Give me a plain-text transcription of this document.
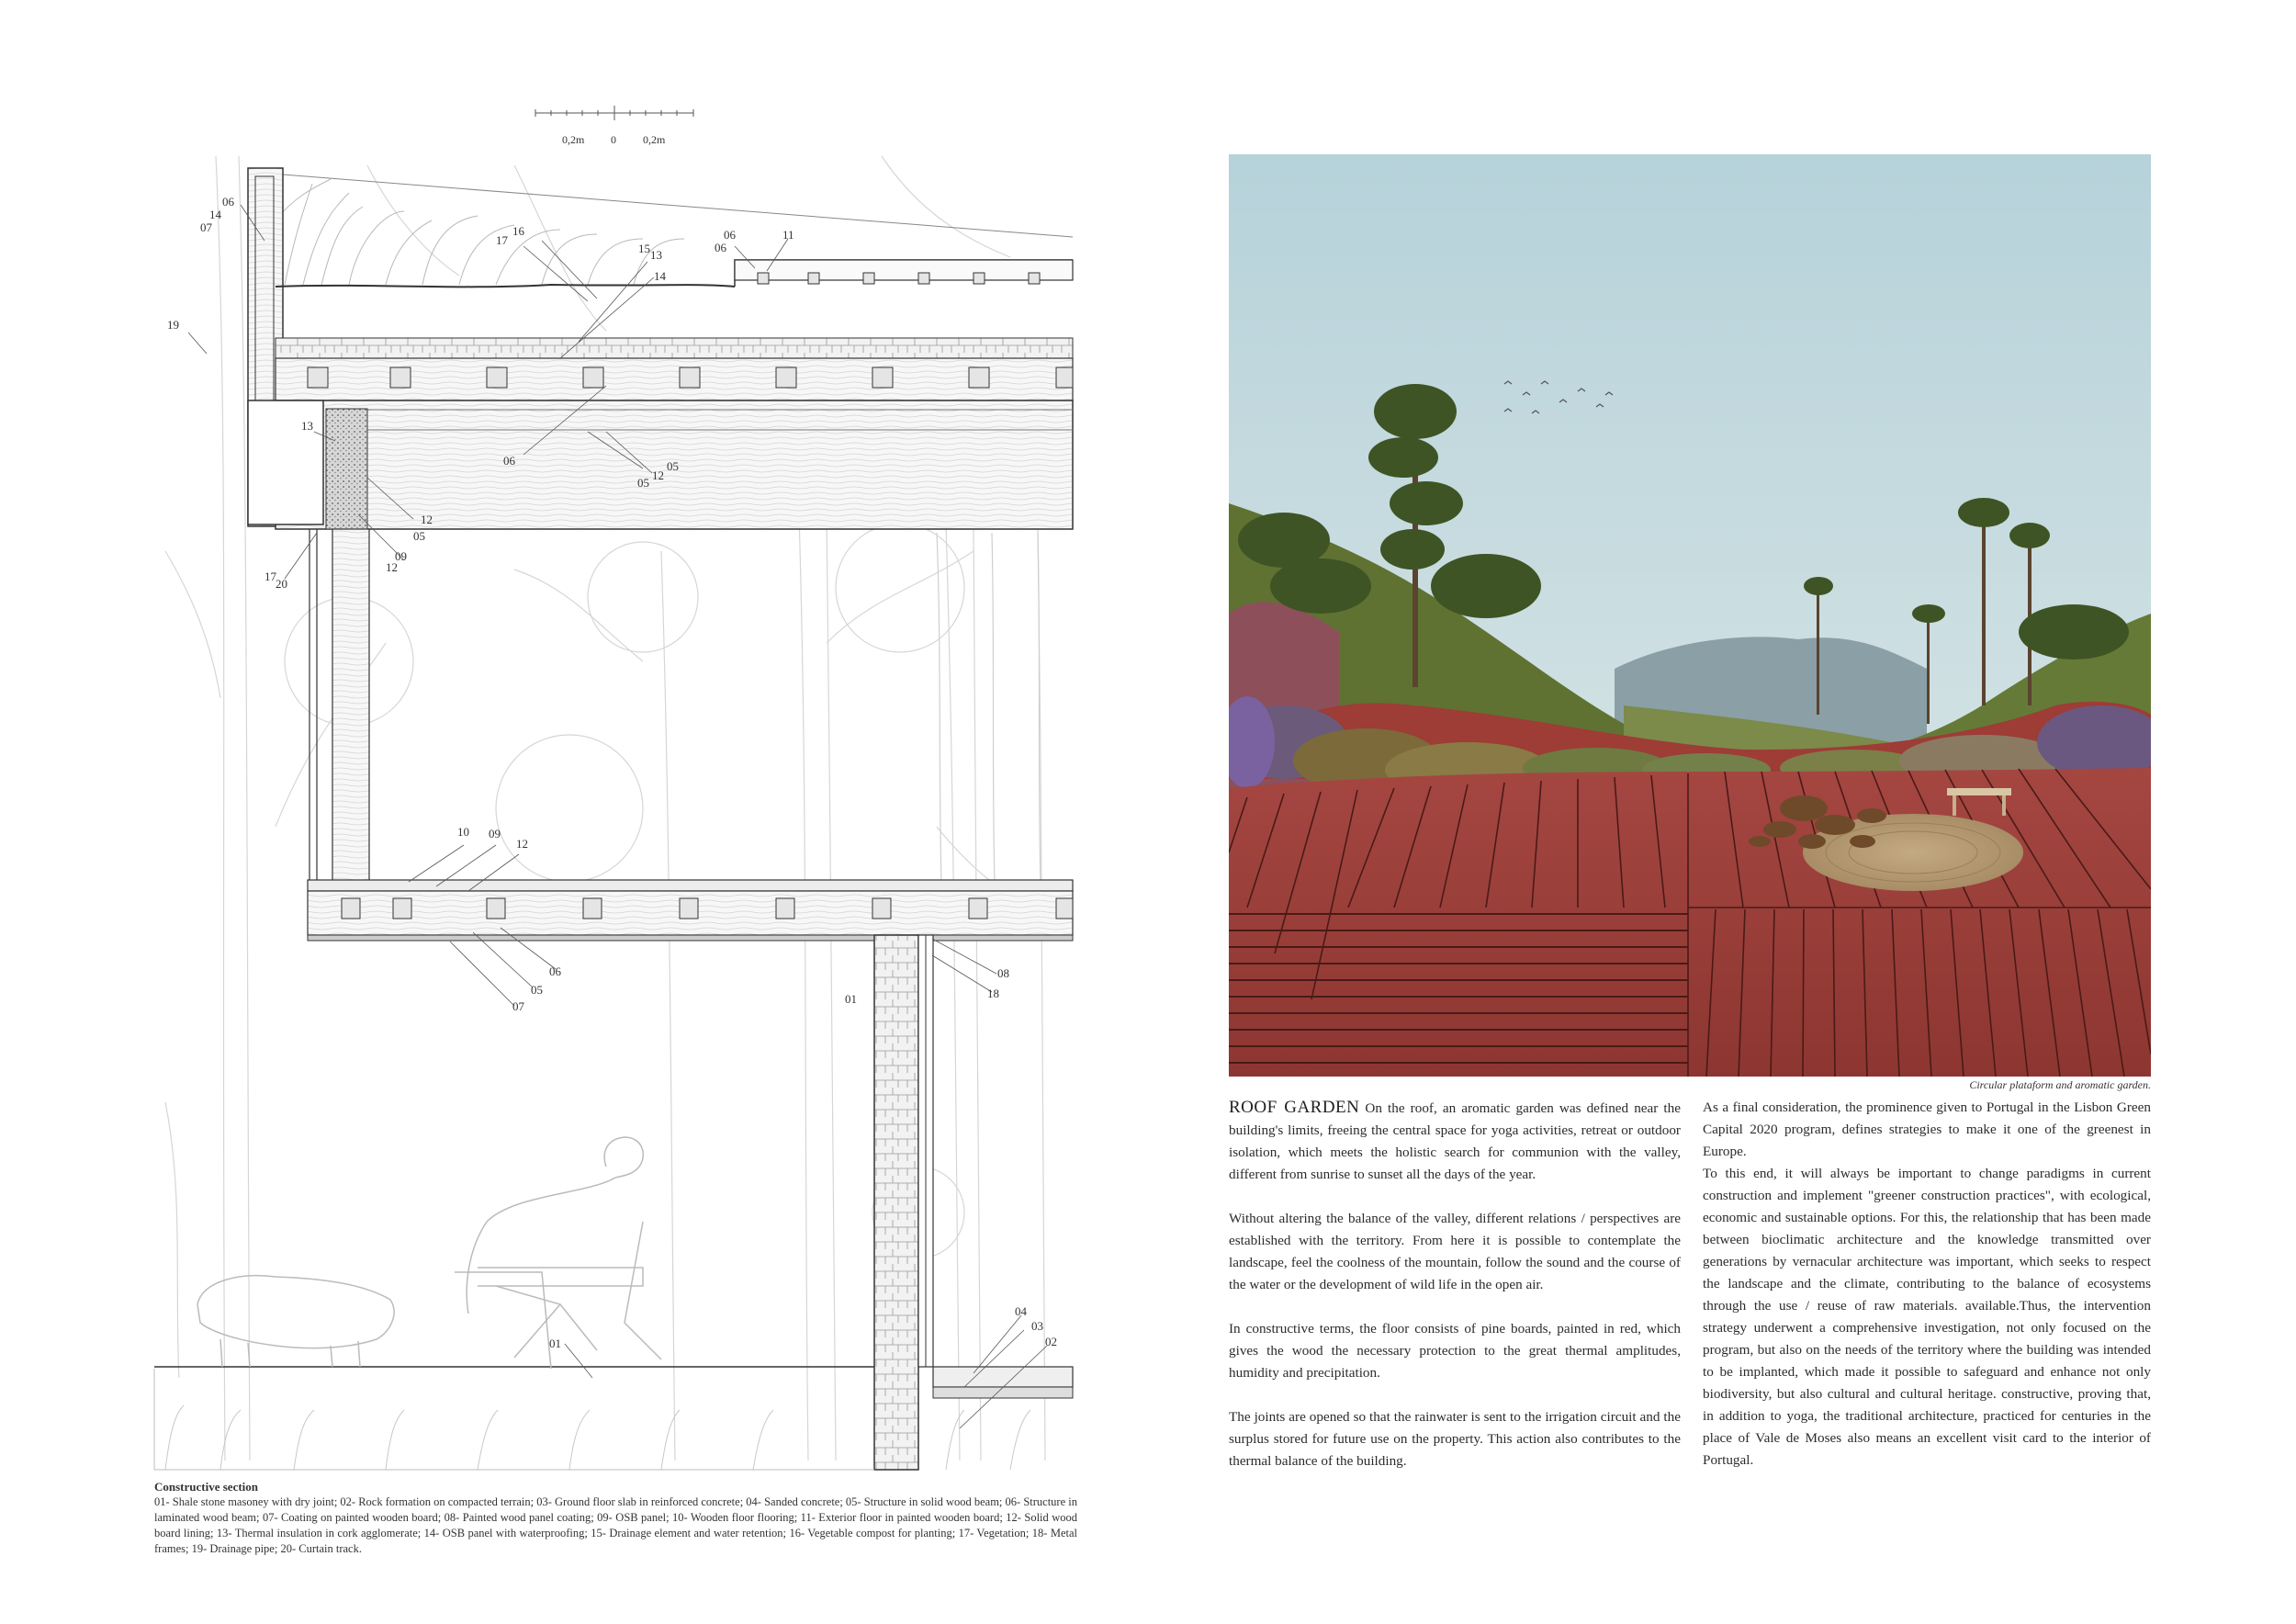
0,2m 0 0,2m
06
14
07
19
17
16
15 13
14
06
06
11
13
06
05
12
05
12
05
09
12
17
20
10 09
12
06
05
07
08
18
01
01
04
03
02
Constructive section
01- Shale stone masoney with dry joint; 02- Rock formation on compacted terrain; 03- Ground floor slab in reinforced concrete; 04- Sanded concrete; 05- Structure in solid wood beam; 06- Structure in laminated wood beam; 07- Coating on painted wooden board; 08- Painted wood panel coating; 09- OSB panel; 10- Wooden floor flooring; 11- Exterior floor in painted wooden board; 12- Solid wood board lining; 13- Thermal insulation in cork agglomerate; 14- OSB panel with waterproofing; 15- Drainage element and water retention; 16- Vegetable compost for planting; 17- Vegetation; 18- Metal frames; 19- Drainage pipe; 20- Curtain track.
Circular plataform and aromatic garden.

ROOF GARDEN On the roof, an aromatic garden was defined near the building's limits, freeing the central space for yoga activities, retreat or outdoor isolation, which meets the holistic search for communion with the valley, different from sunrise to sunset all the days of the year.

Without altering the balance of the valley, different relations / perspectives are established with the territory. From here it is possible to contemplate the landscape, feel the coolness of the mountain, follow the sound and the course of the water or the development of wild life in the open air.

In constructive terms, the floor consists of pine boards, painted in red, which gives the wood the necessary protection to the great thermal amplitudes, humidity and precipitation.

The joints are opened so that the rainwater is sent to the irrigation circuit and the surplus stored for future use on the property. This action also contributes to the thermal balance of the building.

As a final consideration, the prominence given to Portugal in the Lisbon Green Capital 2020 program, defines strategies to make it one of the greenest in Europe.

To this end, it will always be important to change paradigms in current construction and implement "greener construction practices", with ecological, economic and sustainable options. For this, the relationship that has been made between bioclimatic architecture and the knowledge transmitted over generations by vernacular architecture was important, which seeks to respect the landscape and the climate, contributing to the balance of ecosystems through the use / reuse of raw materials. available.Thus, the intervention strategy underwent a comprehensive investigation, not only focused on the program, but also on the needs of the territory where the building was intended to be implanted, which made it possible to safeguard and enhance not only biodiversity, but also cultural and cultural heritage. constructive, proving that, in addition to yoga, the traditional architecture, practiced for centuries in the place of Vale de Moses also means an excellent visit card to the interior of Portugal.
